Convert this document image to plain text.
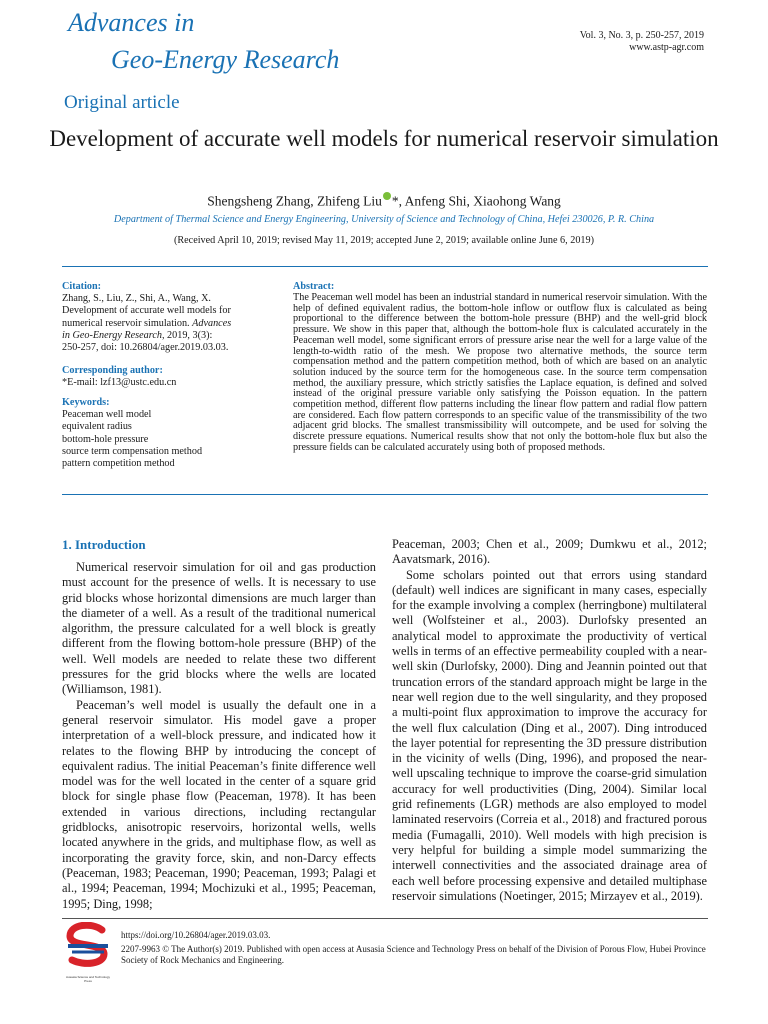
Advances in
Geo-Energy Research
Vol. 3, No. 3, p. 250-257, 2019
www.astp-agr.com
Original article
Development of accurate well models for numerical reservoir simulation
Shengsheng Zhang, Zhifeng Liu *, Anfeng Shi, Xiaohong Wang
Department of Thermal Science and Energy Engineering, University of Science and Technology of China, Hefei 230026, P. R. China
(Received April 10, 2019; revised May 11, 2019; accepted June 2, 2019; available online June 6, 2019)
Citation:
Zhang, S., Liu, Z., Shi, A., Wang, X.
Development of accurate well models for
numerical reservoir simulation. Advances
in Geo-Energy Research, 2019, 3(3):
250-257, doi: 10.26804/ager.2019.03.03.
Corresponding author:
*E-mail: lzf13@ustc.edu.cn
Keywords:
Peaceman well model
equivalent radius
bottom-hole pressure
source term compensation method
pattern competition method
Abstract:
The Peaceman well model has been an industrial standard in numerical reservoir simulation. With the help of defined equivalent radius, the bottom-hole inflow or outflow flux is calculated as being proportional to the difference between the bottom-hole pressure (BHP) and the well-grid block pressure. We show in this paper that, although the bottom-hole flux is calculated accurately in the Peaceman well model, some significant errors of pressure arise near the well for a large value of the length-to-width ratio of the mesh. We propose two alternative methods, the source term compensation method and the pattern competition method, both of which are based on an analytic solution induced by the source term for the homogeneous case. In the source term compensation method, the auxiliary pressure, which strictly satisfies the Laplace equation, is defined and solved instead of the original pressure variable only satisfying the Poisson equation. In the pattern competition method, different flow patterns including the linear flow pattern and radial flow pattern are considered. Each flow pattern corresponds to an specific value of the transmissibility of the two adjacent grid blocks. The smallest transmissibility will outcompete, and be used for solving the discrete pressure equations. Numerical results show that not only the bottom-hole flux but also the pressure fields can be calculated accurately using both of proposed methods.
1. Introduction

Numerical reservoir simulation for oil and gas production must account for the presence of wells. It is necessary to use grid blocks whose horizontal dimensions are much larger than the diameter of a well. As a result of the traditional numerical algorithm, the pressure calculated for a well block is greatly different from the flowing bottom-hole pressure (BHP) of the well. Well models are needed to relate these two different pressures for the grid blocks where the wells are located (Williamson, 1981).

Peaceman’s well model is usually the default one in a general reservoir simulator. His model gave a proper interpretation of a well-block pressure, and indicated how it relates to the flowing BHP by introducing the concept of equivalent radius. The initial Peaceman’s finite difference well model was for the well located in the center of a square grid block for single phase flow (Peaceman, 1978). It has been extended in various directions, including rectangular gridblocks, anisotropic reservoirs, horizontal wells, wells located anywhere in the grids, and multiphase flow, as well as incorporating the gravity force, skin, and non-Darcy effects (Peaceman, 1983; Peaceman, 1990; Peaceman, 1993; Palagi et al., 1994; Peaceman, 1994; Mochizuki et al., 1995; Peaceman, 1995; Ding, 1998;

Peaceman, 2003; Chen et al., 2009; Dumkwu et al., 2012; Aavatsmark, 2016).

Some scholars pointed out that errors using standard (default) well indices are significant in many cases, especially for the example involving a complex (herringbone) multilateral well (Wolfsteiner et al., 2003). Durlofsky presented an analytical model to approximate the productivity of vertical wells in terms of an effective permeability coupled with a near-well skin (Durlofsky, 2000). Ding and Jeannin pointed out that truncation errors of the standard approach might be large in the near well region due to the well singularity, and they proposed a multi-point flux approximation to improve the accuracy for the well flux calculation (Ding et al., 2007). Ding introduced the layer potential for representing the 3D pressure distribution in the vicinity of wells (Ding, 1996), and proposed the near-well upscaling technique to improve the coarse-grid simulation accuracy for well productivities (Ding, 2004). Similar local grid refinements (LGR) methods are also employed to model laminated reservoirs (Correia et al., 2018) and fractured porous media (Fumagalli, 2010). Well models with high precision is very helpful for building a simple model summarizing the interwell connectivities and the associated drainage area of each well before processing expensive and detailed multiphase reservoir simulations (Noetinger, 2015; Mirzayev et al., 2019).

Ausasia Science and Technology Press
https://doi.org/10.26804/ager.2019.03.03.
2207-9963 © The Author(s) 2019. Published with open access at Ausasia Science and Technology Press on behalf of the Division of Porous Flow, Hubei Province Society of Rock Mechanics and Engineering.
